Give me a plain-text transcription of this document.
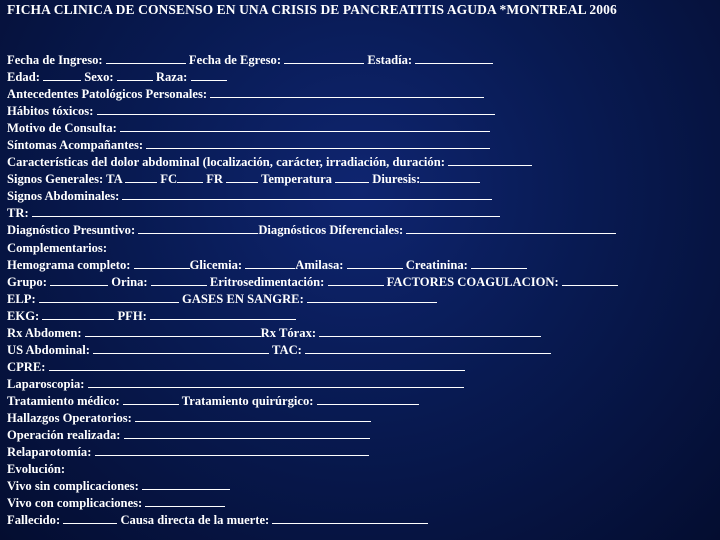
FICHA CLINICA DE CONSENSO EN UNA CRISIS DE PANCREATITIS AGUDA *MONTREAL 2006
Fecha de Ingreso:	Fecha de Egreso:	Estadía:
Edad:	Sexo:	Raza:
Antecedentes Patológicos Personales:
Hábitos tóxicos:
Motivo de Consulta:
Síntomas Acompañantes:
Características del dolor abdominal (localización, carácter, irradiación, duración:
Signos Generales: TA	FC FR	Temperatura	Diuresis:
Signos Abdominales:
TR:
Diagnóstico Presuntivo:	Diagnósticos Diferenciales:
Complementarios:
Hemograma completo:	Glicemia:	Amilasa:	Creatinina:
Grupo:	Orina:	Eritrosedimentación:	FACTORES COAGULACION:
ELP:	GASES EN SANGRE:
EKG:	PFH:
Rx Abdomen:	Rx Tórax:
US Abdominal:	TAC:
CPRE:
Laparoscopia:
Tratamiento médico:	Tratamiento quirúrgico:
Hallazgos Operatorios:
Operación realizada:
Relaparotomía:
Evolución:
Vivo sin complicaciones:
Vivo con complicaciones:
Fallecido:	Causa directa de la muerte:
